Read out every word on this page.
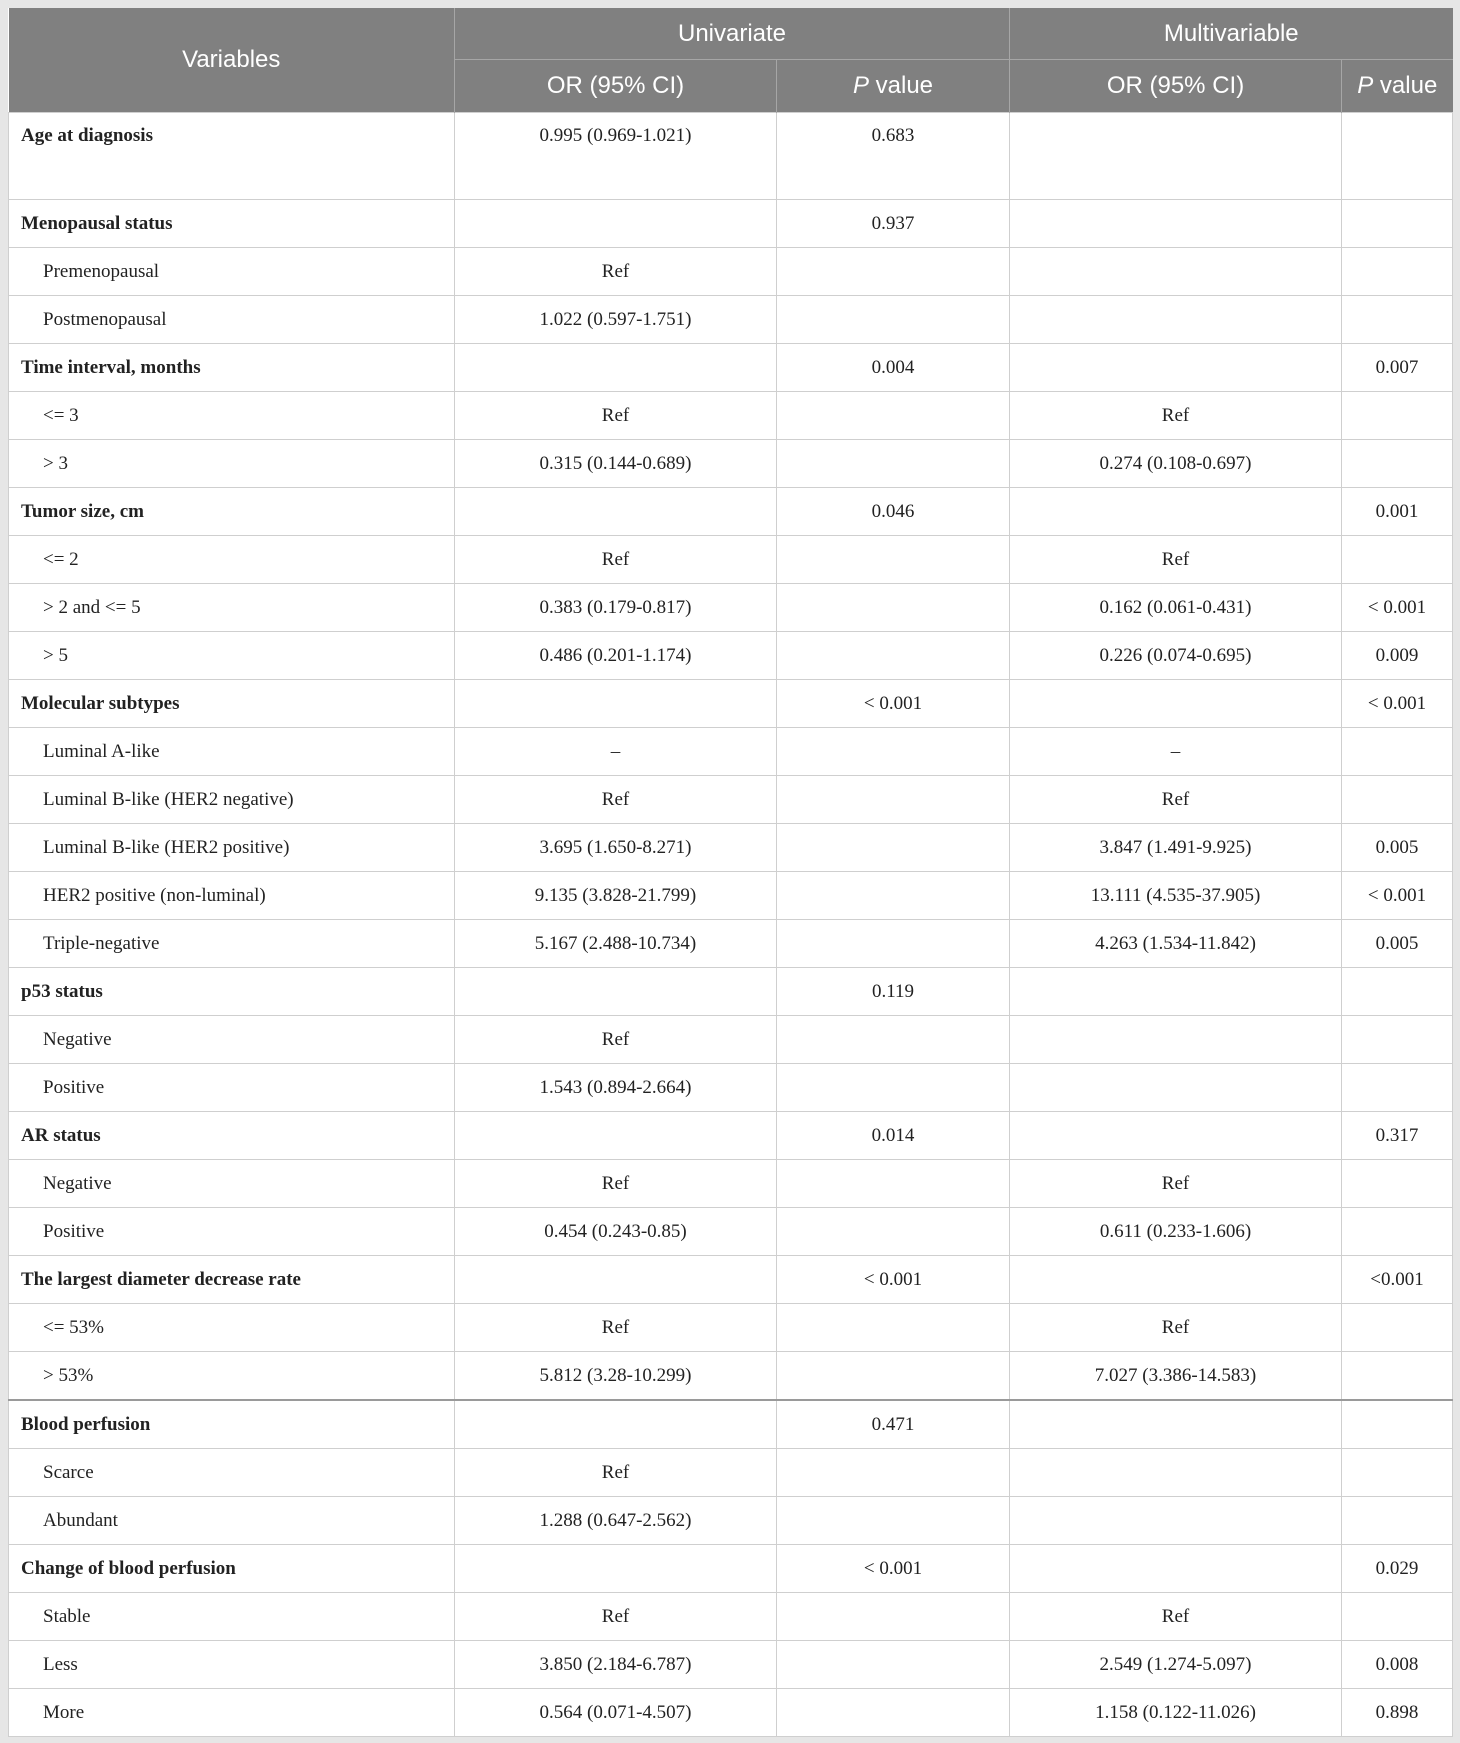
Variables	Univariate		Multivariable	
	OR (95% CI)	P value	OR (95% CI)	P value
Age at diagnosis	0.995 (0.969-1.021)	0.683		
Menopausal status		0.937		
Premenopausal	Ref			
Postmenopausal	1.022 (0.597-1.751)			
Time interval, months		0.004		0.007
<= 3	Ref		Ref	
> 3	0.315 (0.144-0.689)		0.274 (0.108-0.697)	
Tumor size, cm		0.046		0.001
<= 2	Ref		Ref	
> 2 and <= 5	0.383 (0.179-0.817)		0.162 (0.061-0.431)	< 0.001
> 5	0.486 (0.201-1.174)		0.226 (0.074-0.695)	0.009
Molecular subtypes		< 0.001		< 0.001
Luminal A-like	–		–	
Luminal B-like (HER2 negative)	Ref		Ref	
Luminal B-like (HER2 positive)	3.695 (1.650-8.271)		3.847 (1.491-9.925)	0.005
HER2 positive (non-luminal)	9.135 (3.828-21.799)		13.111 (4.535-37.905)	< 0.001
Triple-negative	5.167 (2.488-10.734)		4.263 (1.534-11.842)	0.005
p53 status		0.119		
Negative	Ref			
Positive	1.543 (0.894-2.664)			
AR status		0.014		0.317
Negative	Ref		Ref	
Positive	0.454 (0.243-0.85)		0.611 (0.233-1.606)	
The largest diameter decrease rate		< 0.001		<0.001
<= 53%	Ref		Ref	
> 53%	5.812 (3.28-10.299)		7.027 (3.386-14.583)	
Blood perfusion		0.471		
Scarce	Ref			
Abundant	1.288 (0.647-2.562)			
Change of blood perfusion		< 0.001		0.029
Stable	Ref		Ref	
Less	3.850 (2.184-6.787)		2.549 (1.274-5.097)	0.008
More	0.564 (0.071-4.507)		1.158 (0.122-11.026)	0.898
